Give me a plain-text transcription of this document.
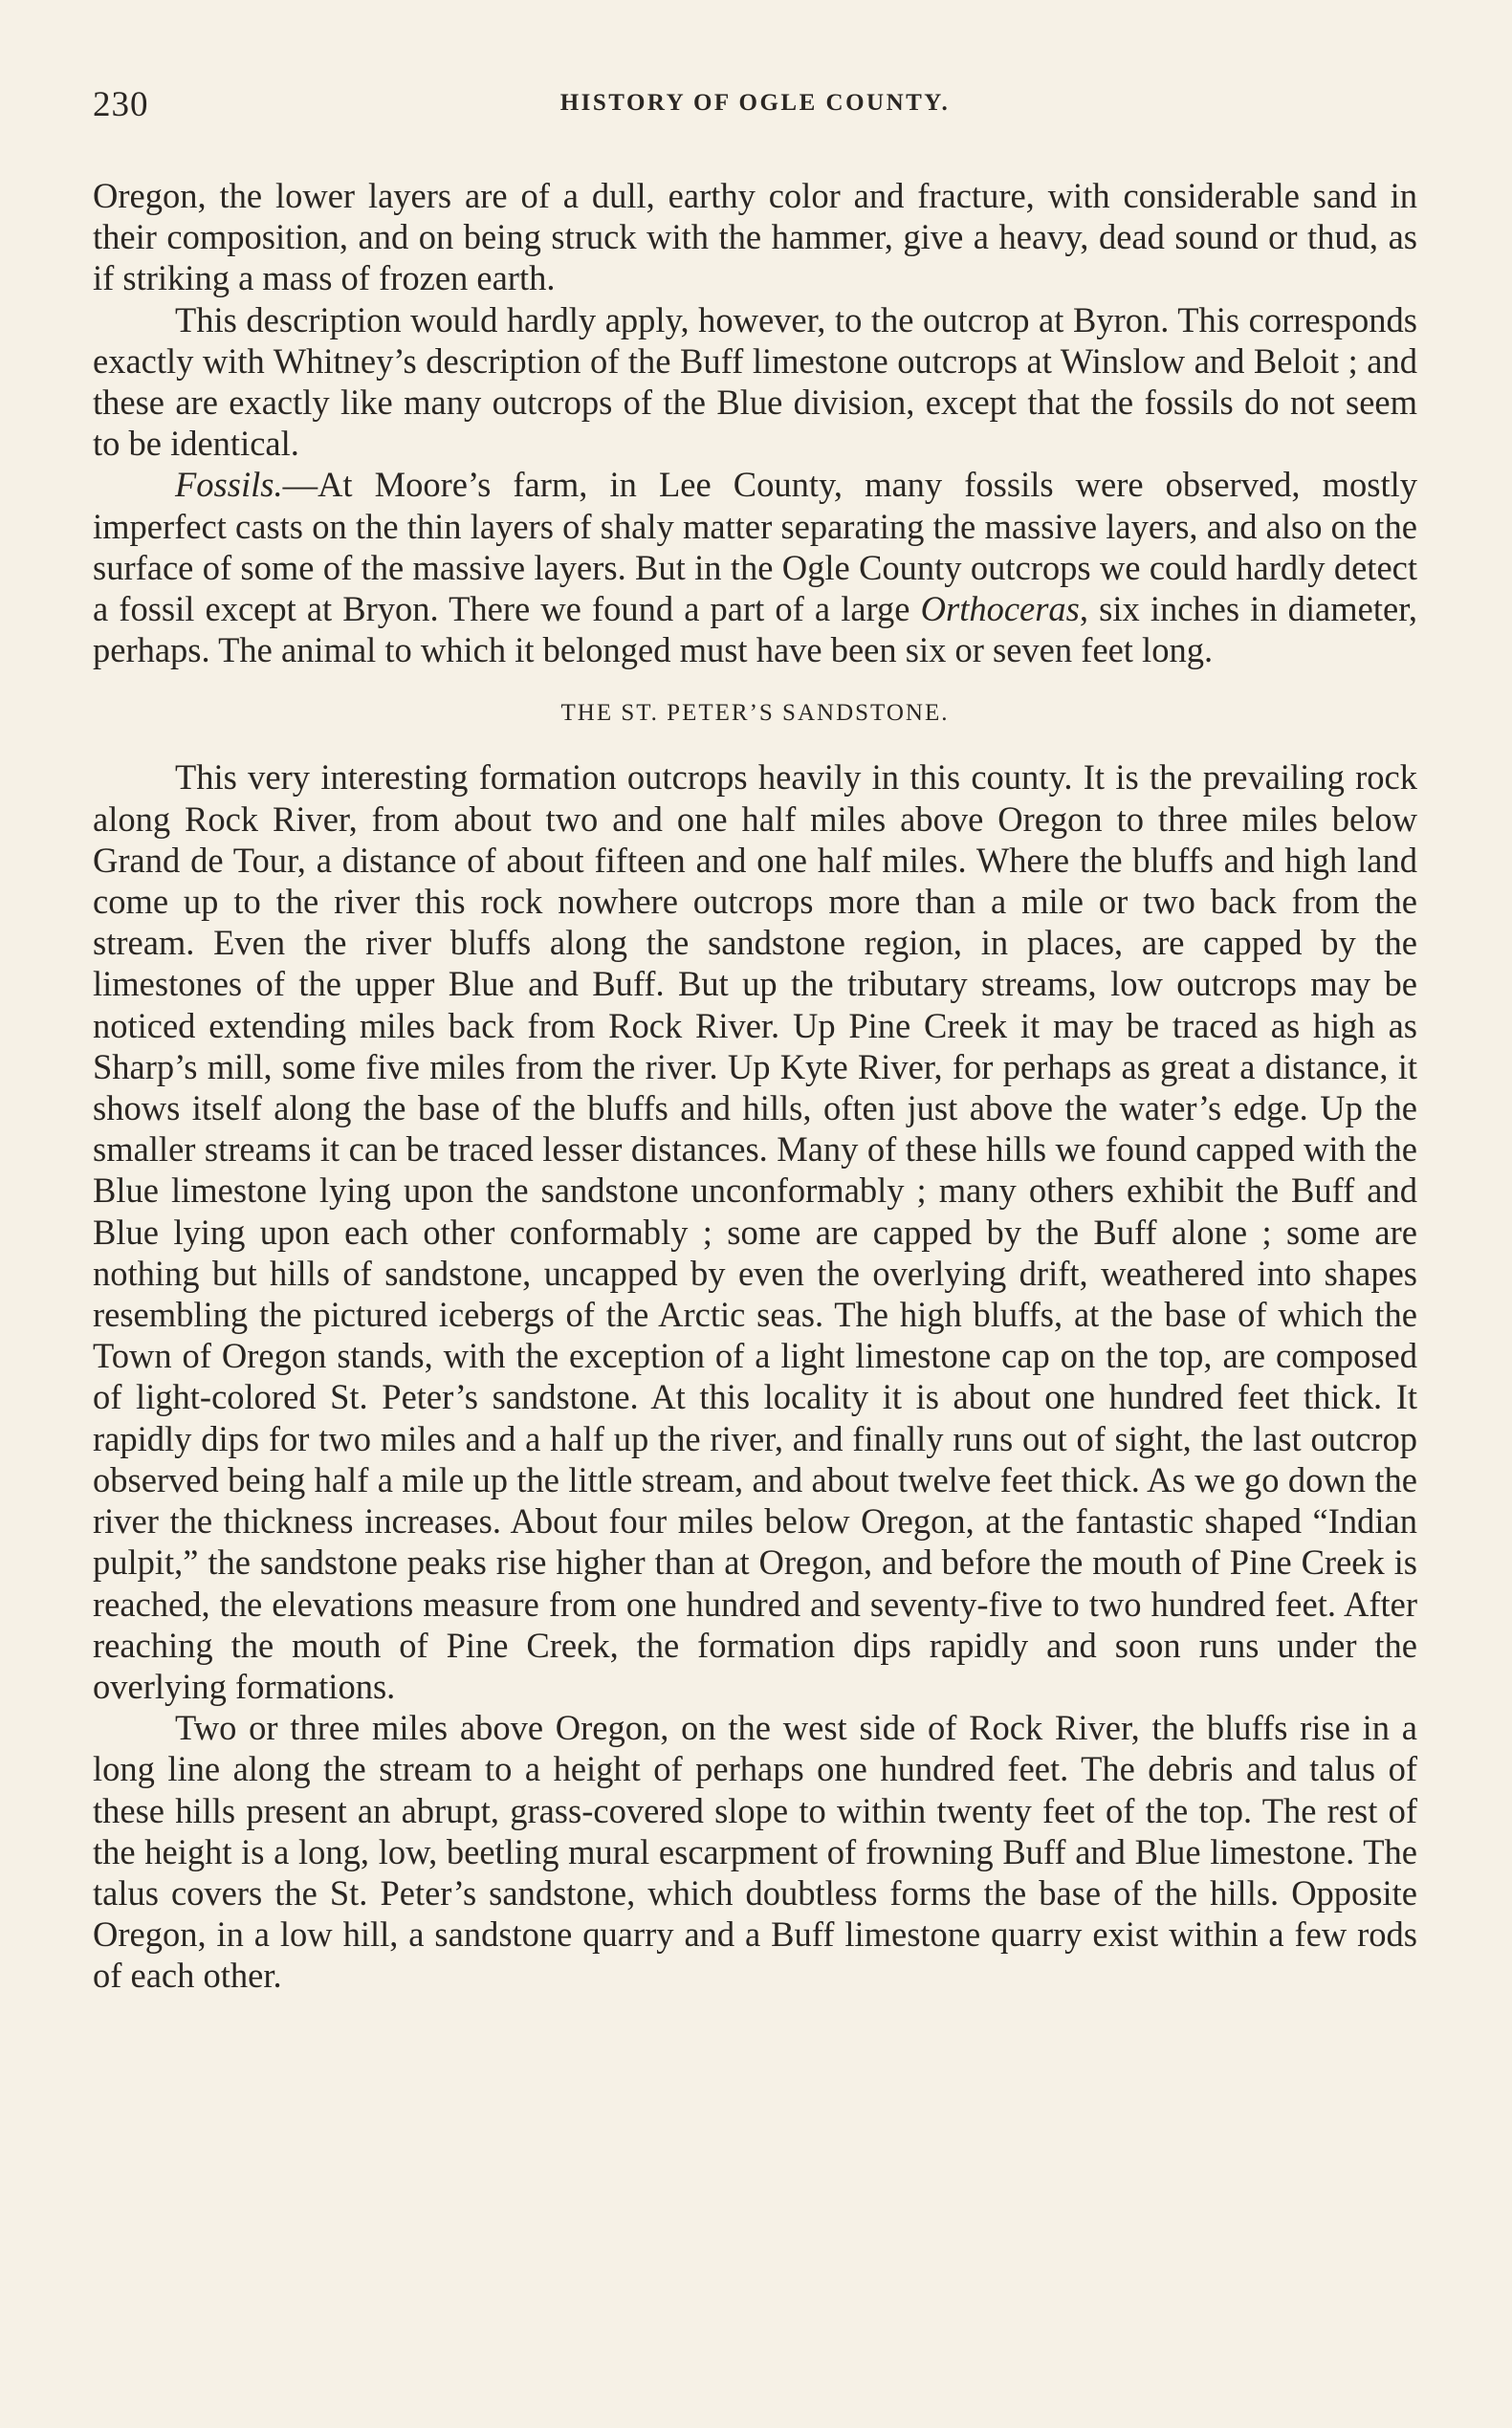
230	HISTORY OF OGLE COUNTY.

Oregon, the lower layers are of a dull, earthy color and fracture, with considerable sand in their composition, and on being struck with the hammer, give a heavy, dead sound or thud, as if striking a mass of frozen earth.

This description would hardly apply, however, to the outcrop at Byron. This corresponds exactly with Whitney’s description of the Buff limestone outcrops at Winslow and Beloit ; and these are exactly like many outcrops of the Blue division, except that the fossils do not seem to be identical.

Fossils.—At Moore’s farm, in Lee County, many fossils were observed, mostly imperfect casts on the thin layers of shaly matter separating the massive layers, and also on the surface of some of the massive layers. But in the Ogle County outcrops we could hardly detect a fossil except at Bryon. There we found a part of a large Orthoceras, six inches in diameter, perhaps. The animal to which it belonged must have been six or seven feet long.

THE ST. PETER’S SANDSTONE.

This very interesting formation outcrops heavily in this county. It is the prevailing rock along Rock River, from about two and one half miles above Oregon to three miles below Grand de Tour, a distance of about fifteen and one half miles. Where the bluffs and high land come up to the river this rock nowhere outcrops more than a mile or two back from the stream. Even the river bluffs along the sandstone region, in places, are capped by the limestones of the upper Blue and Buff. But up the tributary streams, low outcrops may be noticed extending miles back from Rock River. Up Pine Creek it may be traced as high as Sharp’s mill, some five miles from the river. Up Kyte River, for perhaps as great a distance, it shows itself along the base of the bluffs and hills, often just above the water’s edge. Up the smaller streams it can be traced lesser distances. Many of these hills we found capped with the Blue limestone lying upon the sandstone unconformably ; many others exhibit the Buff and Blue lying upon each other conformably ; some are capped by the Buff alone ; some are nothing but hills of sandstone, uncapped by even the overlying drift, weathered into shapes resembling the pictured icebergs of the Arctic seas. The high bluffs, at the base of which the Town of Oregon stands, with the exception of a light limestone cap on the top, are composed of light-colored St. Peter’s sandstone. At this locality it is about one hundred feet thick. It rapidly dips for two miles and a half up the river, and finally runs out of sight, the last outcrop observed being half a mile up the little stream, and about twelve feet thick. As we go down the river the thickness increases. About four miles below Oregon, at the fantastic shaped “Indian pulpit,” the sandstone peaks rise higher than at Oregon, and before the mouth of Pine Creek is reached, the elevations measure from one hundred and seventy-five to two hundred feet. After reaching the mouth of Pine Creek, the formation dips rapidly and soon runs under the overlying formations.

Two or three miles above Oregon, on the west side of Rock River, the bluffs rise in a long line along the stream to a height of perhaps one hundred feet. The debris and talus of these hills present an abrupt, grass-covered slope to within twenty feet of the top. The rest of the height is a long, low, beetling mural escarpment of frowning Buff and Blue limestone. The talus covers the St. Peter’s sandstone, which doubtless forms the base of the hills. Opposite Oregon, in a low hill, a sandstone quarry and a Buff limestone quarry exist within a few rods of each other.
